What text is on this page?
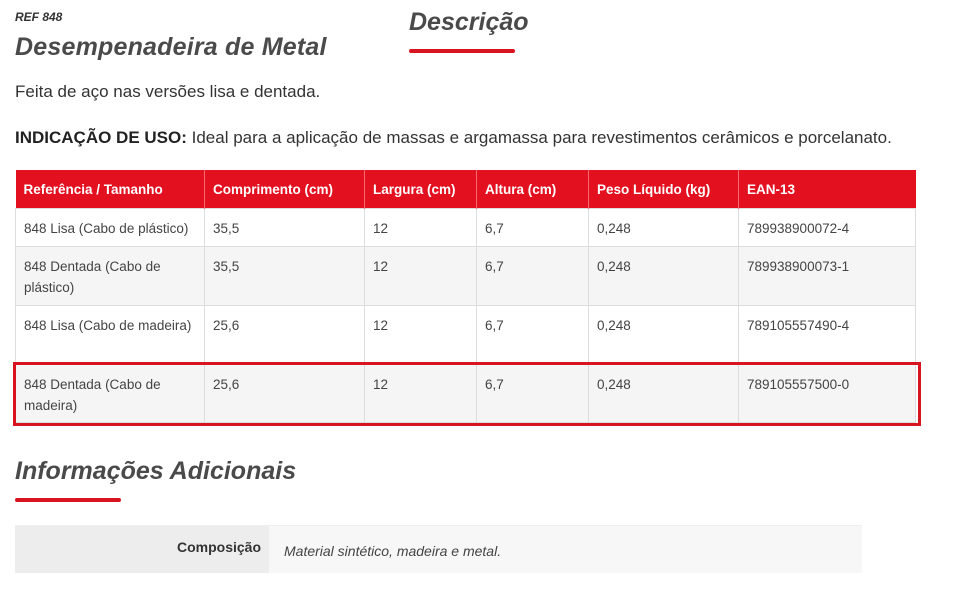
REF 848
Desempenadeira de Metal
Descrição
Feita de aço nas versões lisa e dentada.
INDICAÇÃO DE USO: Ideal para a aplicação de massas e argamassa para revestimentos cerâmicos e porcelanato.
Referência / Tamanho	Comprimento (cm)	Largura (cm)	Altura (cm)	Peso Líquido (kg)	EAN-13
848 Lisa (Cabo de plástico)	35,5	12	6,7	0,248	789938900072-4
848 Dentada (Cabo de plástico)	35,5	12	6,7	0,248	789938900073-1
848 Lisa (Cabo de madeira)	25,6	12	6,7	0,248	789105557490-4
848 Dentada (Cabo de madeira)	25,6	12	6,7	0,248	789105557500-0
Informações Adicionais
Composição	Material sintético, madeira e metal.
